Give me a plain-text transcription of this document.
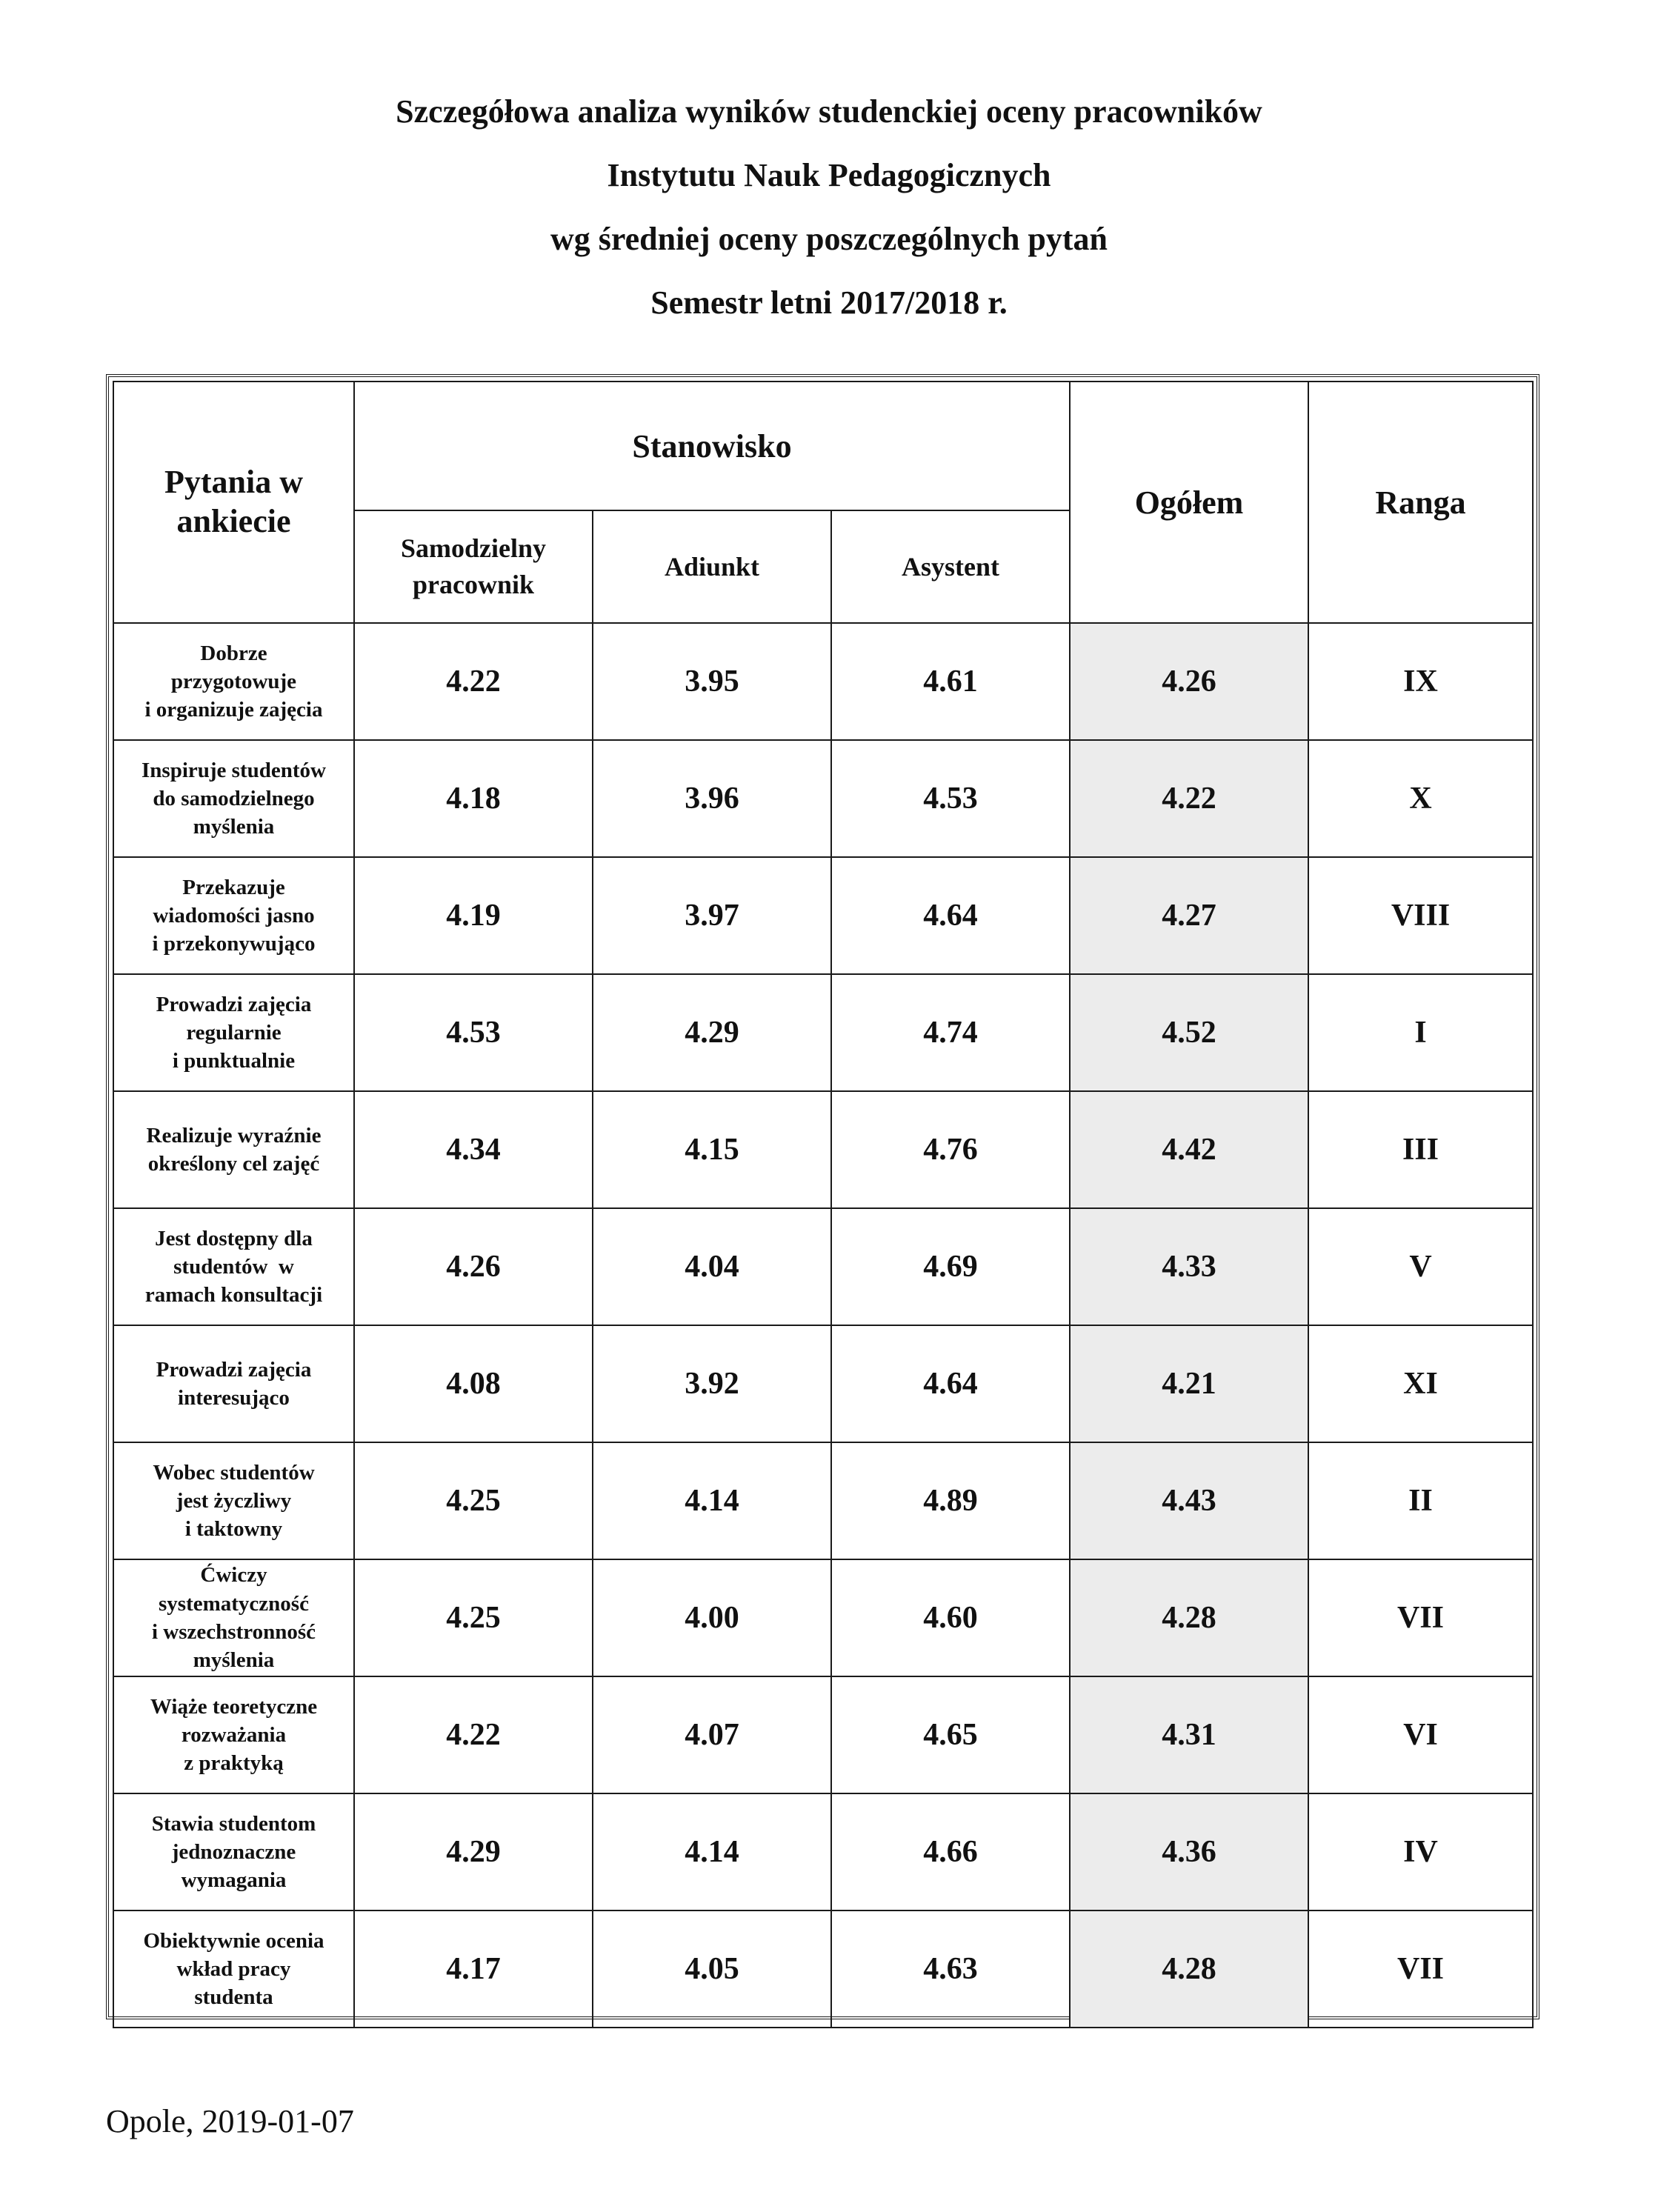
Szczegółowa analiza wyników studenckiej oceny pracowników
Instytutu Nauk Pedagogicznych
wg średniej oceny poszczególnych pytań
Semestr letni 2017/2018 r.
Pytania w ankiecie	Stanowisko			Ogółem	Ranga
	Samodzielny pracownik	Adiunkt	Asystent		

Dobrze
przygotowuje
i organizuje zajęcia	4.22	3.95	4.61	4.26	IX

Inspiruje studentów
do samodzielnego
myślenia	4.18	3.96	4.53	4.22	X

Przekazuje
wiadomości jasno
i przekonywująco	4.19	3.97	4.64	4.27	VIII

Prowadzi zajęcia
regularnie
i punktualnie	4.53	4.29	4.74	4.52	I

Realizuje wyraźnie
określony cel zajęć	4.34	4.15	4.76	4.42	III

Jest dostępny dla
studentów  w
ramach konsultacji	4.26	4.04	4.69	4.33	V

Prowadzi zajęcia
interesująco	4.08	3.92	4.64	4.21	XI

Wobec studentów
jest życzliwy
i taktowny	4.25	4.14	4.89	4.43	II

Ćwiczy
systematyczność
i wszechstronność
myślenia	4.25	4.00	4.60	4.28	VII

Wiąże teoretyczne
rozważania
z praktyką	4.22	4.07	4.65	4.31	VI

Stawia studentom
jednoznaczne
wymagania	4.29	4.14	4.66	4.36	IV

Obiektywnie ocenia
wkład pracy
studenta	4.17	4.05	4.63	4.28	VII
Opole, 2019-01-07
